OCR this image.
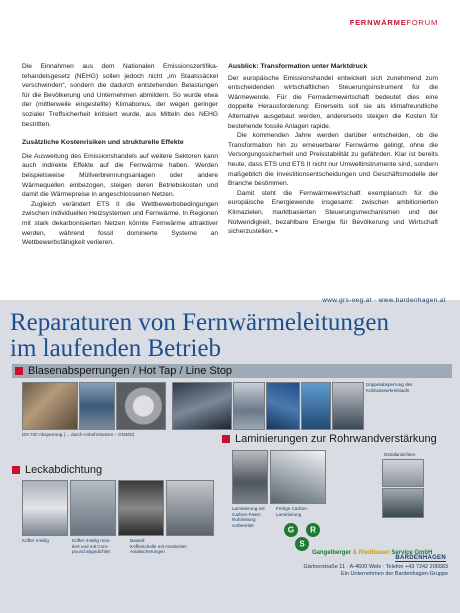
FERNWÄRMEFORUM

Die Einnahmen aus dem Nationalen Emissionszertifikatehandelsgesetz (NEHG) sollen jedoch nicht „im Staatssäckel verschwinden“, sondern die dadurch entstehenden Belastungen für die Bevölkerung und Unternehmen abmildern. So wurde etwa der (mittlerweile eingestellte) Klimabonus, der wegen geringer sozialer Treffsicherheit kritisiert wurde, aus Mitteln des NEHG bestritten.

Zusätzliche Kostenrisiken und strukturelle Effekte

Die Ausweitung des Emissionshandels auf weitere Sektoren kann auch indirekte Effekte auf die Fernwärme haben. Werden beispielsweise Müllverbrennungsanlagen oder andere Wärmequellen einbezogen, steigen deren Betriebskosten und damit die Wärmepreise in angeschlossenen Netzen.

Zugleich verändert ETS II die Wettbewerbsbedingungen zwischen individuellen Heizsystemen und Fernwärme. In Regionen mit stark dekarbonisierten Netzen könnte Fernwärme attraktiver werden, während fossil dominierte Systeme an Wettbewerbsfähigkeit verlieren.

Ausblick: Transformation unter Marktdruck

Der europäische Emissionshandel entwickelt sich zunehmend zum entscheidenden wirtschaftlichen Steuerungsinstrument für die Wärmewende. Für die Fernwärmewirtschaft bedeutet dies eine doppelte Herausforderung: Einerseits soll sie als klimafreundliche Alternative ausgebaut werden, andererseits steigen die Kosten für bestehende fossile Anlagen rapide.

Die kommenden Jahre werden darüber entscheiden, ob die Transformation hin zu erneuerbarer Fernwärme gelingt, ohne die Versorgungssicherheit und Preisstabilität zu gefährden. Klar ist bereits heute, dass ETS und ETS II nicht nur Umweltinstrumente sind, sondern maßgeblich die Investitionsentscheidungen und Geschäftsmodelle der Branche bestimmen.

Damit steht die Fernwärmewirtschaft exemplarisch für die europäische Energiewende insgesamt: zwischen ambitionierten Klimazielen, marktbasierten Steuerungsmechanismen und der Notwendigkeit, bezahlbare Energie für Bevölkerung und Wirtschaft sicherzustellen. ▪

Reparaturen von Fernwärmeleitungen
im laufenden Betrieb
Blasenabsperrungen / Hot Tap / Line Stop
DN 700 Absperrung (… durch Anbohrstutzen – DN300)
Doppelabsperrung des
Kühlwasserkreislaufs
Laminierungen zur Rohrwandverstärkung
Laminierung mit
Carbon-Faser:
Rohrleitung
vorbereitet
Fertige Carbon-
Laminierung
Detailansichten
Leckabdichtung
Koffer 4-teilig	Koffer 4-teilig mon-
tiert und mit Com-
pound abgedichtet
Bauteil:
Kofferschelle mit montierten
Axialsicherungen
G R
S
Gangelberger & Riedlbauer Service GmbH
BARDENHAGEN
Gärtnerstraße 11 · A-4600 Wels · Telefon +43 7242 206583
Ein Unternehmen der Bardenhagen-Gruppe
www.grs-oeg.at · www.bardenhagen.at
